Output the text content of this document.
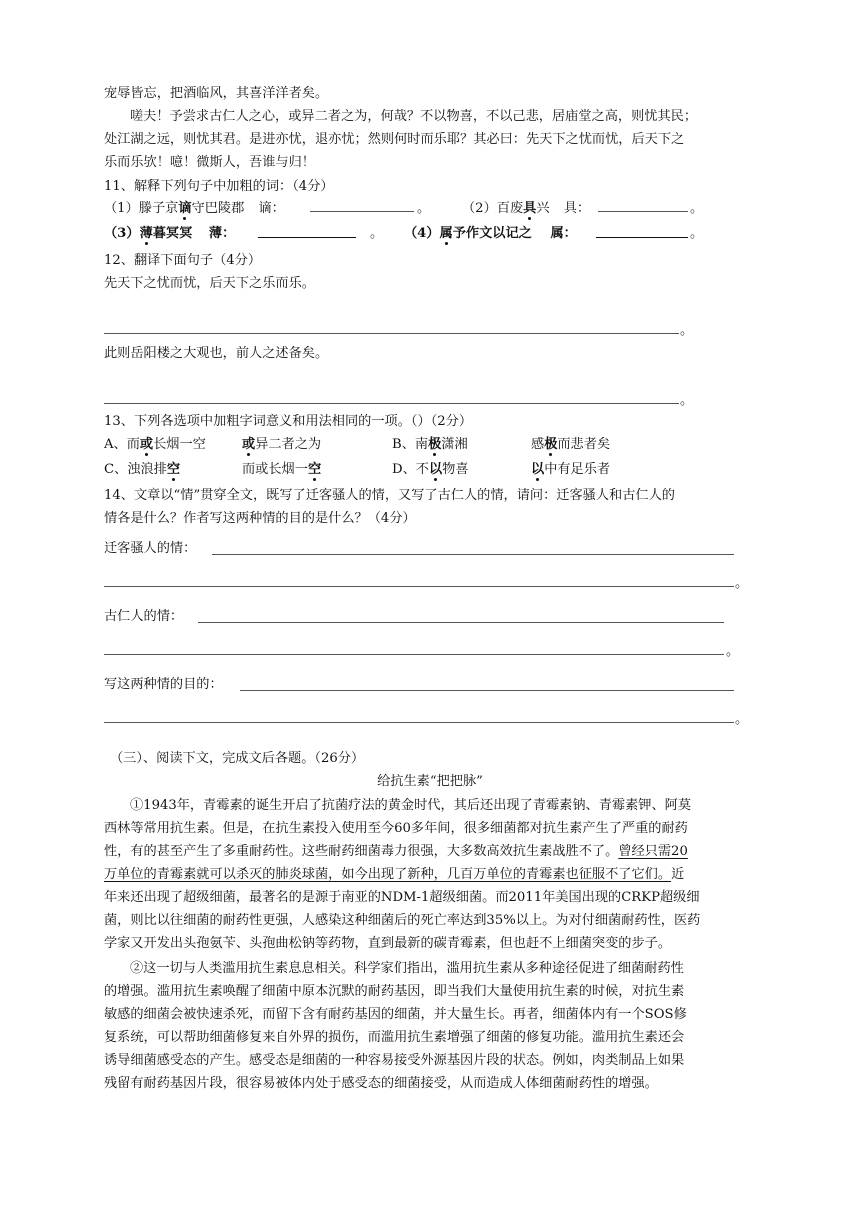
宠辱皆忘，把酒临风，其喜洋洋者矣。
嗟夫！予尝求古仁人之心，或异二者之为，何哉？不以物喜，不以己悲，居庙堂之高，则忧其民；
处江湖之远，则忧其君。是进亦忧，退亦忧；然则何时而乐耶？其必曰：先天下之忧而忧，后天下之
乐而乐欤！噫！微斯人，吾谁与归！
11、解释下列句子中加粗的词：（4分）
（1）滕子京谪守巴陵郡 谪：	。 （2）百废具兴 具：	。
（3）薄暮冥冥 薄：	。 （4）属予作文以记之 属：	。
12、翻译下面句子（4分）
先天下之忧而忧，后天下之乐而乐。
。
此则岳阳楼之大观也，前人之述备矣。
。
13、下列各选项中加粗字词意义和用法相同的一项。（）（2分）
A、而或长烟一空	或异二者之为	B、南极潇湘	感极而悲者矣
C、浊浪排空	而或长烟一空	D、不以物喜	以中有足乐者
14、文章以“情”贯穿全文，既写了迁客骚人的情，又写了古仁人的情，请问：迁客骚人和古仁人的
情各是什么？作者写这两种情的目的是什么？（4分）
迁客骚人的情：
。
古仁人的情：
。
写这两种情的目的：
。
（三）、阅读下文，完成文后各题。（26分）
给抗生素“把把脉”
①1943年，青霉素的诞生开启了抗菌疗法的黄金时代，其后还出现了青霉素钠、青霉素钾、阿莫
西林等常用抗生素。但是，在抗生素投入使用至今60多年间，很多细菌都对抗生素产生了严重的耐药
性，有的甚至产生了多重耐药性。这些耐药细菌毒力很强，大多数高效抗生素战胜不了。曾经只需20
万单位的青霉素就可以杀灭的肺炎球菌，如今出现了新种，几百万单位的青霉素也征服不了它们。近
年来还出现了超级细菌，最著名的是源于南亚的NDM-1超级细菌。而2011年美国出现的CRKP超级细
菌，则比以往细菌的耐药性更强，人感染这种细菌后的死亡率达到35%以上。为对付细菌耐药性，医药
学家又开发出头孢氨苄、头孢曲松钠等药物，直到最新的碳青霉素，但也赶不上细菌突变的步子。
②这一切与人类滥用抗生素息息相关。科学家们指出，滥用抗生素从多种途径促进了细菌耐药性
的增强。滥用抗生素唤醒了细菌中原本沉默的耐药基因，即当我们大量使用抗生素的时候，对抗生素
敏感的细菌会被快速杀死，而留下含有耐药基因的细菌，并大量生长。再者，细菌体内有一个SOS修
复系统，可以帮助细菌修复来自外界的损伤，而滥用抗生素增强了细菌的修复功能。滥用抗生素还会
诱导细菌感受态的产生。感受态是细菌的一种容易接受外源基因片段的状态。例如，肉类制品上如果
残留有耐药基因片段，很容易被体内处于感受态的细菌接受，从而造成人体细菌耐药性的增强。
